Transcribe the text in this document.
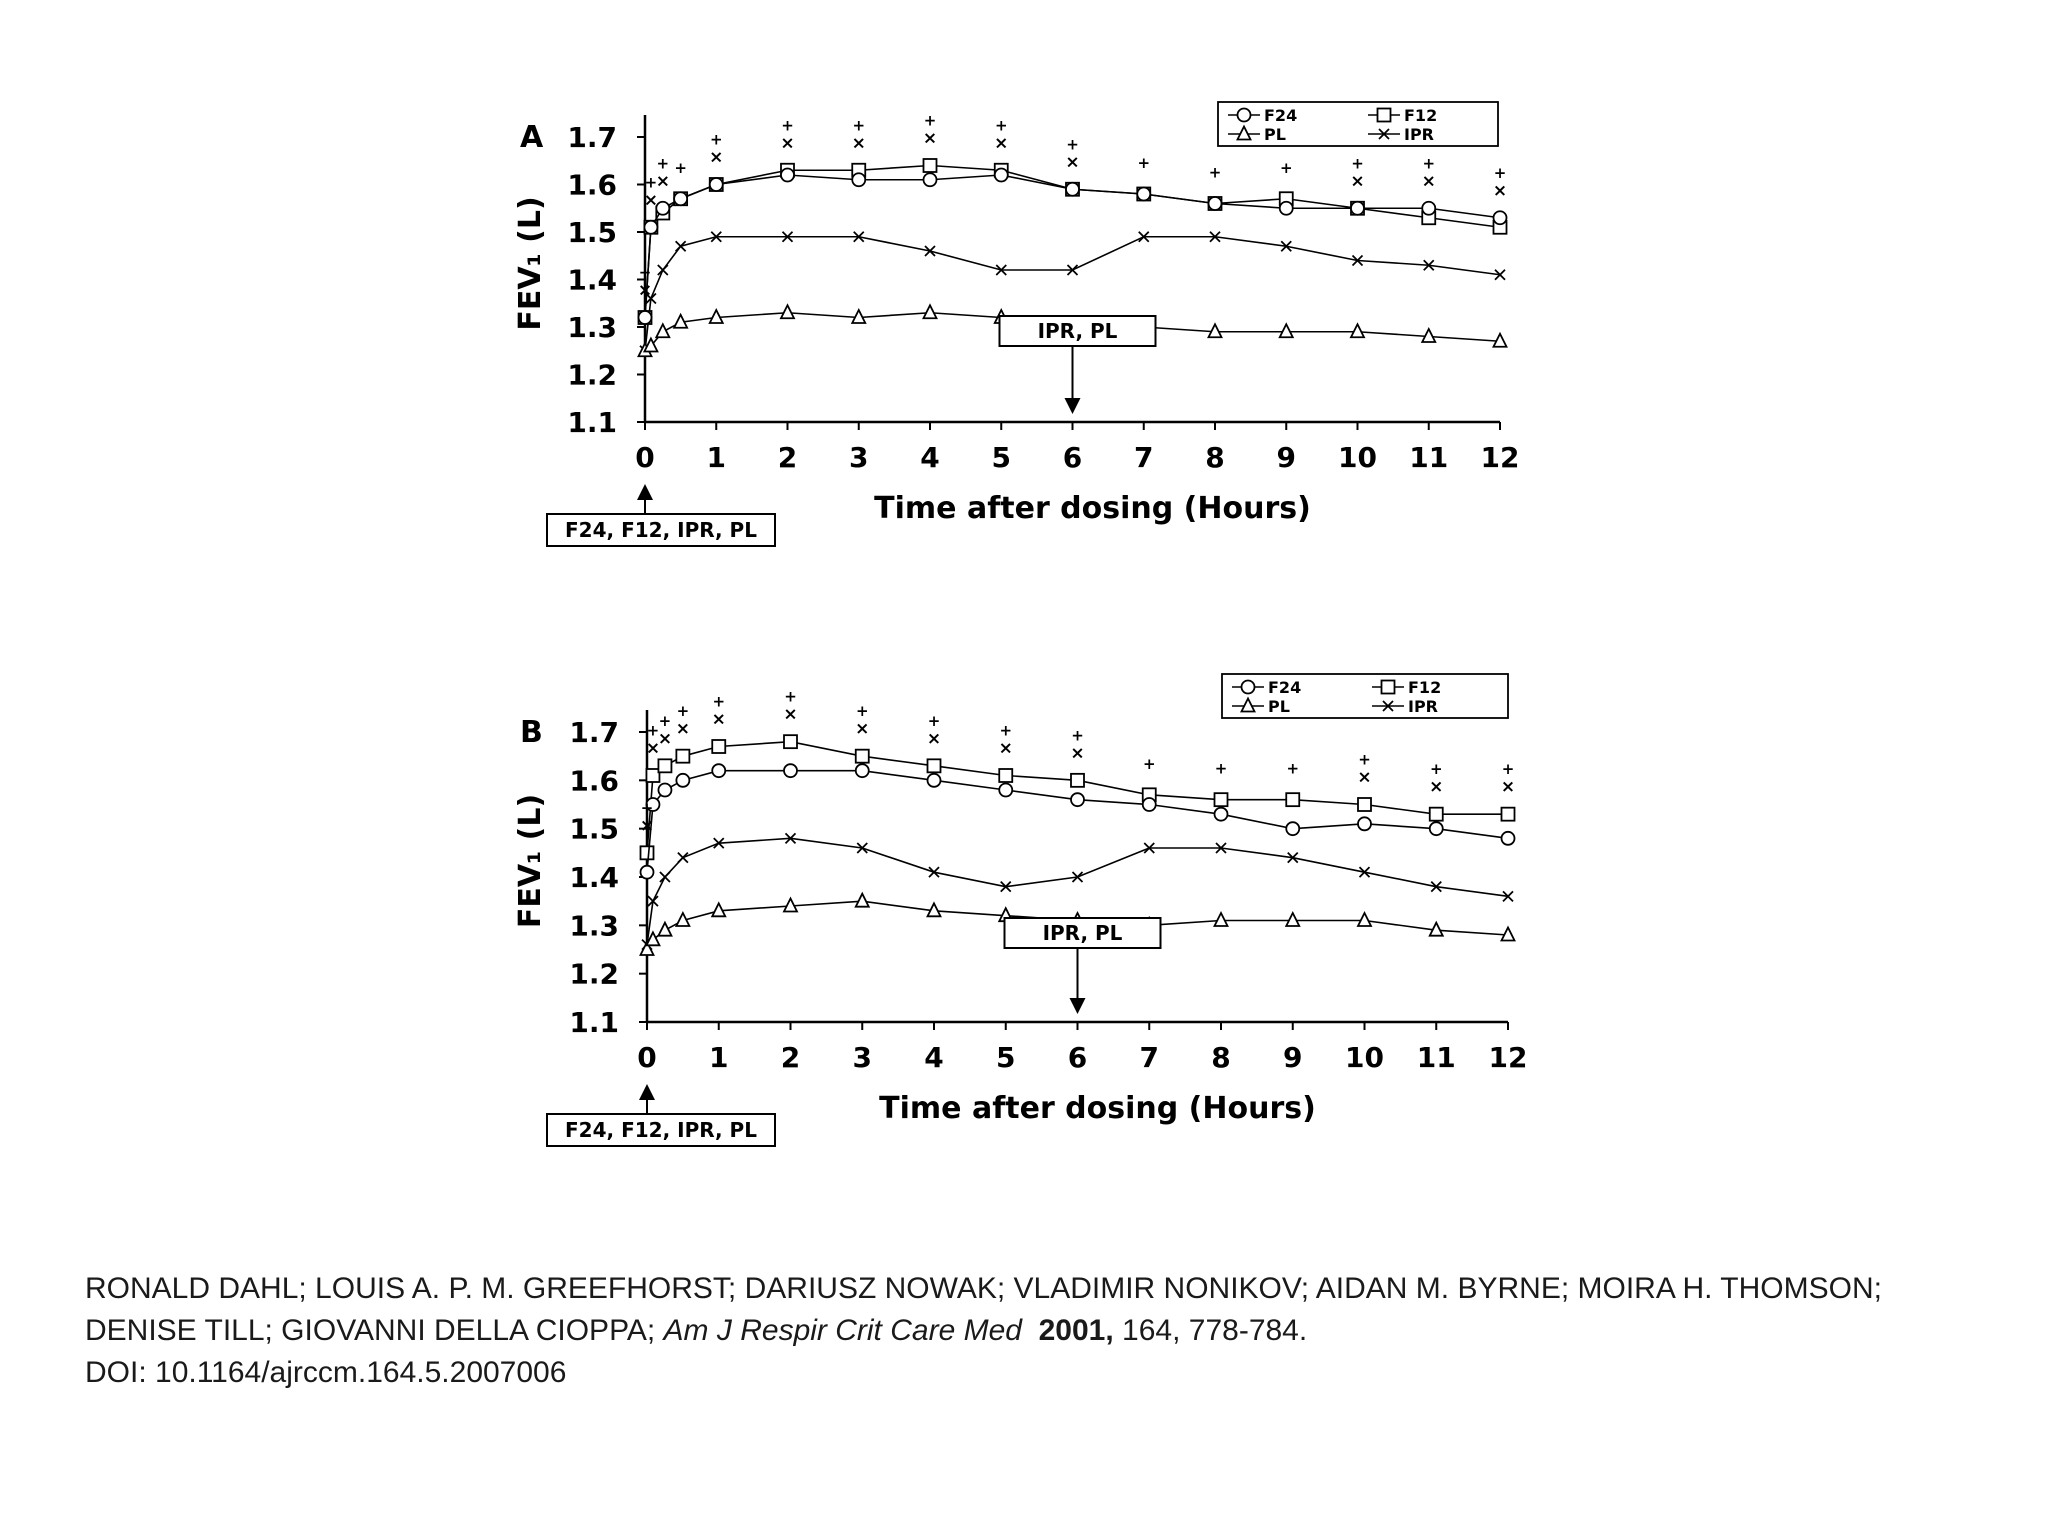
A
1.1
1.2
1.3
1.4
1.5
1.6
1.7
0 1 2 3 4 5 6 7 8 9 10 11 12
Time after dosing (Hours)
FEV₁ (L)	+
×
+
×
+
×
+
+
×
+
×
+
×
+
×
+
×	+
×	+
+	+	+
×
+
×	+
×
F24	F12
PL	IPR
IPR, PL
F24, F12, IPR, PL
B
1.1
1.2
1.3
1.4
1.5
1.6
1.7
0 1 2 3 4 5 6 7 8 9 10 11 12
Time after dosing (Hours)
FEV₁ (L)	+
×
+
×
+
×
+
×
+
×
+
×	+
×	+
×	+
×
+
×
+	+	+
+
×	+
×
+
×
F24	F12
PL	IPR
IPR, PL
F24, F12, IPR, PL
RONALD DAHL; LOUIS A. P. M. GREEFHORST; DARIUSZ NOWAK; VLADIMIR NONIKOV; AIDAN M. BYRNE; MOIRA H. THOMSON; DENISE TILL; GIOVANNI DELLA CIOPPA; Am J Respir Crit Care Med 2001, 164, 778-784.
DOI: 10.1164/ajrccm.164.5.2007006
